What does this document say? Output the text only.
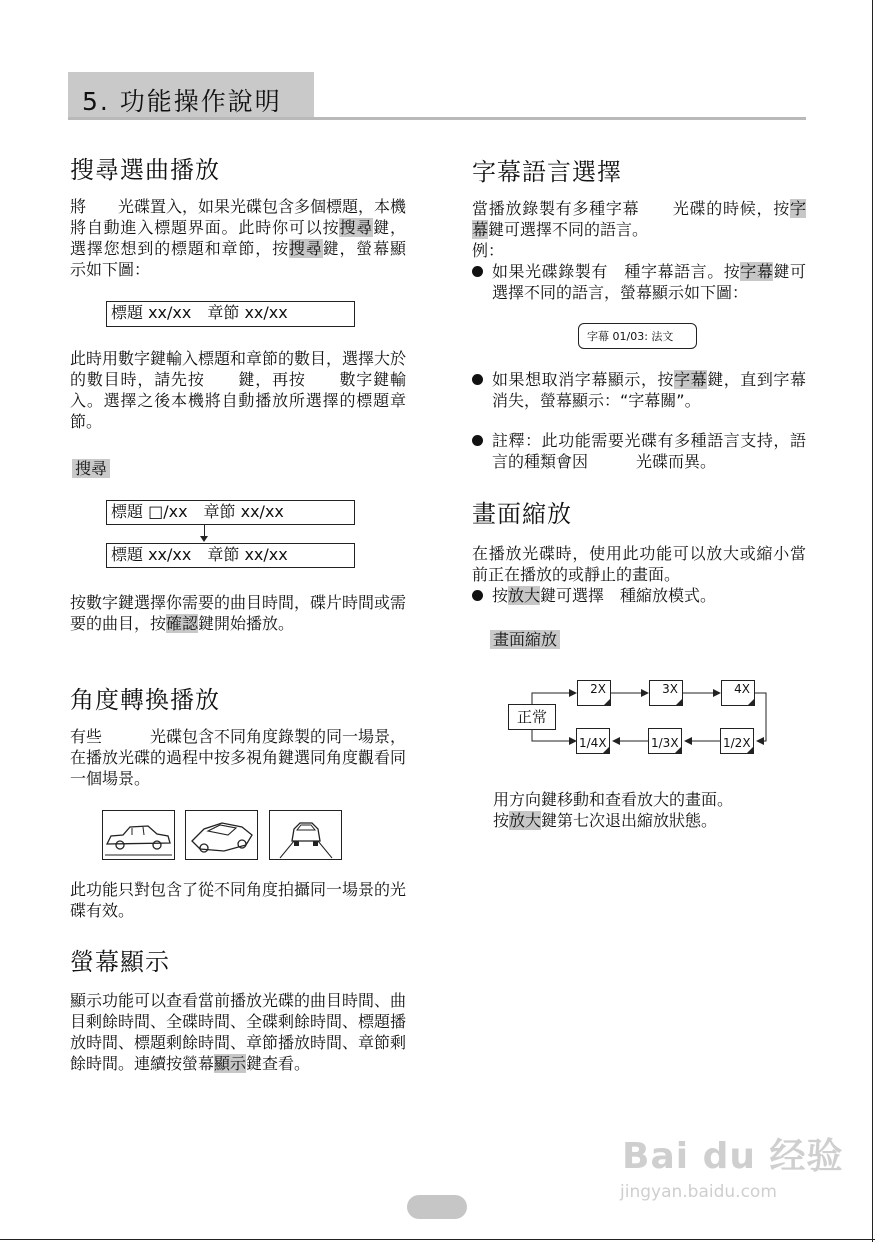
5. 功能操作說明
搜尋選曲播放
將　　光碟置入，如果光碟包含多個標題，本機將自動進入標題界面。此時你可以按搜尋鍵，選擇您想到的標題和章節，按搜尋鍵，螢幕顯示如下圖：
標題 xx/xx　章節 xx/xx
此時用數字鍵輸入標題和章節的數目，選擇大於　的數目時，請先按　　鍵，再按　　數字鍵輸入。選擇之後本機將自動播放所選擇的標題章節。
搜尋
標題 □/xx　章節 xx/xx
標題 xx/xx　章節 xx/xx
按數字鍵選擇你需要的曲目時間，碟片時間或需要的曲目，按確認鍵開始播放。
角度轉換播放
有些　　　光碟包含不同角度錄製的同一場景，在播放光碟的過程中按多視角鍵選同角度觀看同一個場景。
此功能只對包含了從不同角度拍攝同一場景的光碟有效。
螢幕顯示
顯示功能可以查看當前播放光碟的曲目時間、曲目剩餘時間、全碟時間、全碟剩餘時間、標題播放時間、標題剩餘時間、章節播放時間、章節剩餘時間。連續按螢幕顯示鍵查看。
字幕語言選擇
當播放錄製有多種字幕　　光碟的時候，按字幕鍵可選擇不同的語言。
例：
如果光碟錄製有　種字幕語言。按字幕鍵可選擇不同的語言，螢幕顯示如下圖：
字幕 01/03: 法文
如果想取消字幕顯示，按字幕鍵，直到字幕消失，螢幕顯示：“字幕關”。
註釋：此功能需要光碟有多種語言支持，語言的種類會因　　　光碟而異。
畫面縮放
在播放光碟時，使用此功能可以放大或縮小當前正在播放的或靜止的畫面。
按放大鍵可選擇　種縮放模式。
畫面縮放
正常
2X	3X	4X
1/4X	1/3X	1/2X
用方向鍵移動和查看放大的畫面。
按放大鍵第七次退出縮放狀態。
Bai du 经验
jingyan.baidu.com
